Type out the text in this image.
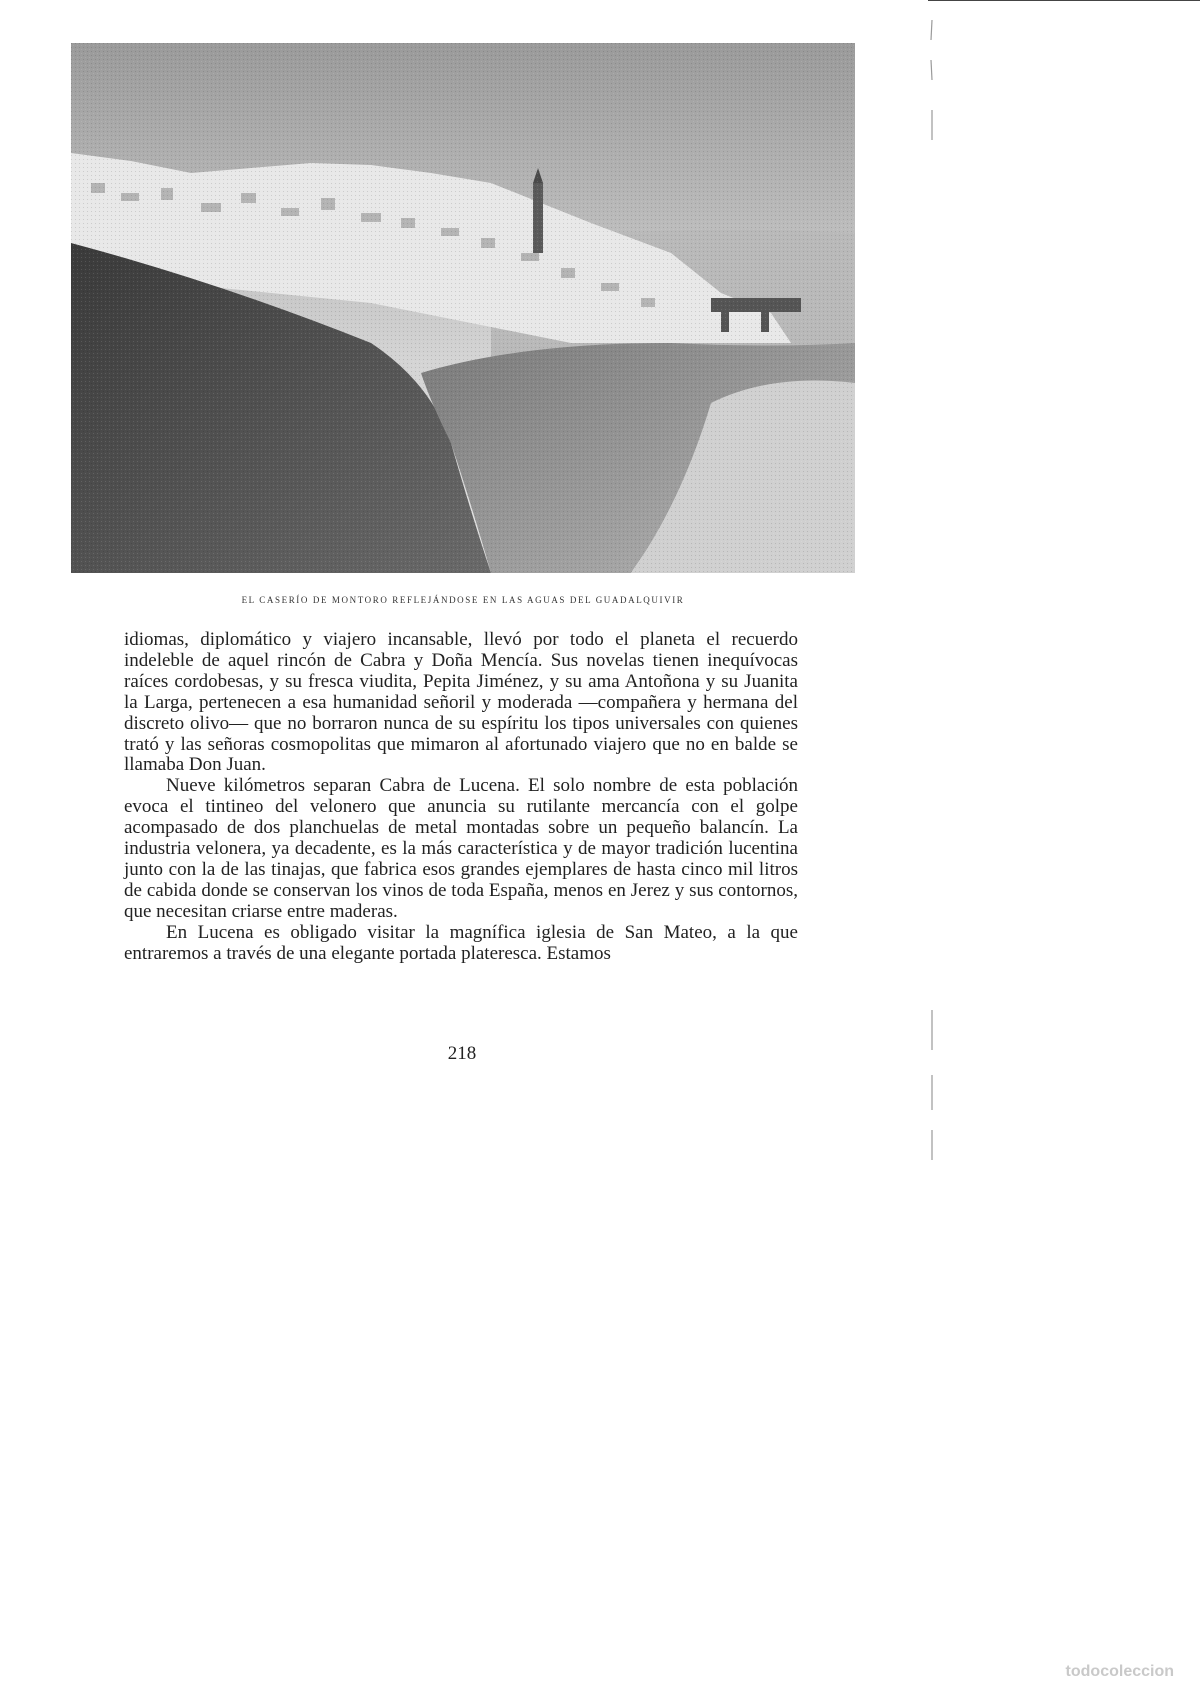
EL CASERÍO DE MONTORO REFLEJÁNDOSE EN LAS AGUAS DEL GUADALQUIVIR

idiomas, diplomático y viajero incansable, llevó por todo el planeta el recuerdo indeleble de aquel rincón de Cabra y Doña Mencía. Sus novelas tienen inequívocas raíces cordobesas, y su fresca viudita, Pepita Jiménez, y su ama Antoñona y su Juanita la Larga, pertenecen a esa humanidad señoril y moderada —compañera y hermana del discreto olivo— que no borraron nunca de su espíritu los tipos universales con quienes trató y las señoras cosmopolitas que mimaron al afortunado viajero que no en balde se llamaba Don Juan.

Nueve kilómetros separan Cabra de Lucena. El solo nombre de esta población evoca el tintineo del velonero que anuncia su rutilante mercancía con el golpe acompasado de dos planchuelas de metal montadas sobre un pequeño balancín. La industria velonera, ya decadente, es la más característica y de mayor tradición lucentina junto con la de las tinajas, que fabrica esos grandes ejemplares de hasta cinco mil litros de cabida donde se conservan los vinos de toda España, menos en Jerez y sus contornos, que necesitan criarse entre maderas.

En Lucena es obligado visitar la magnífica iglesia de San Mateo, a la que entraremos a través de una elegante portada plateresca. Estamos

218
todocoleccion
